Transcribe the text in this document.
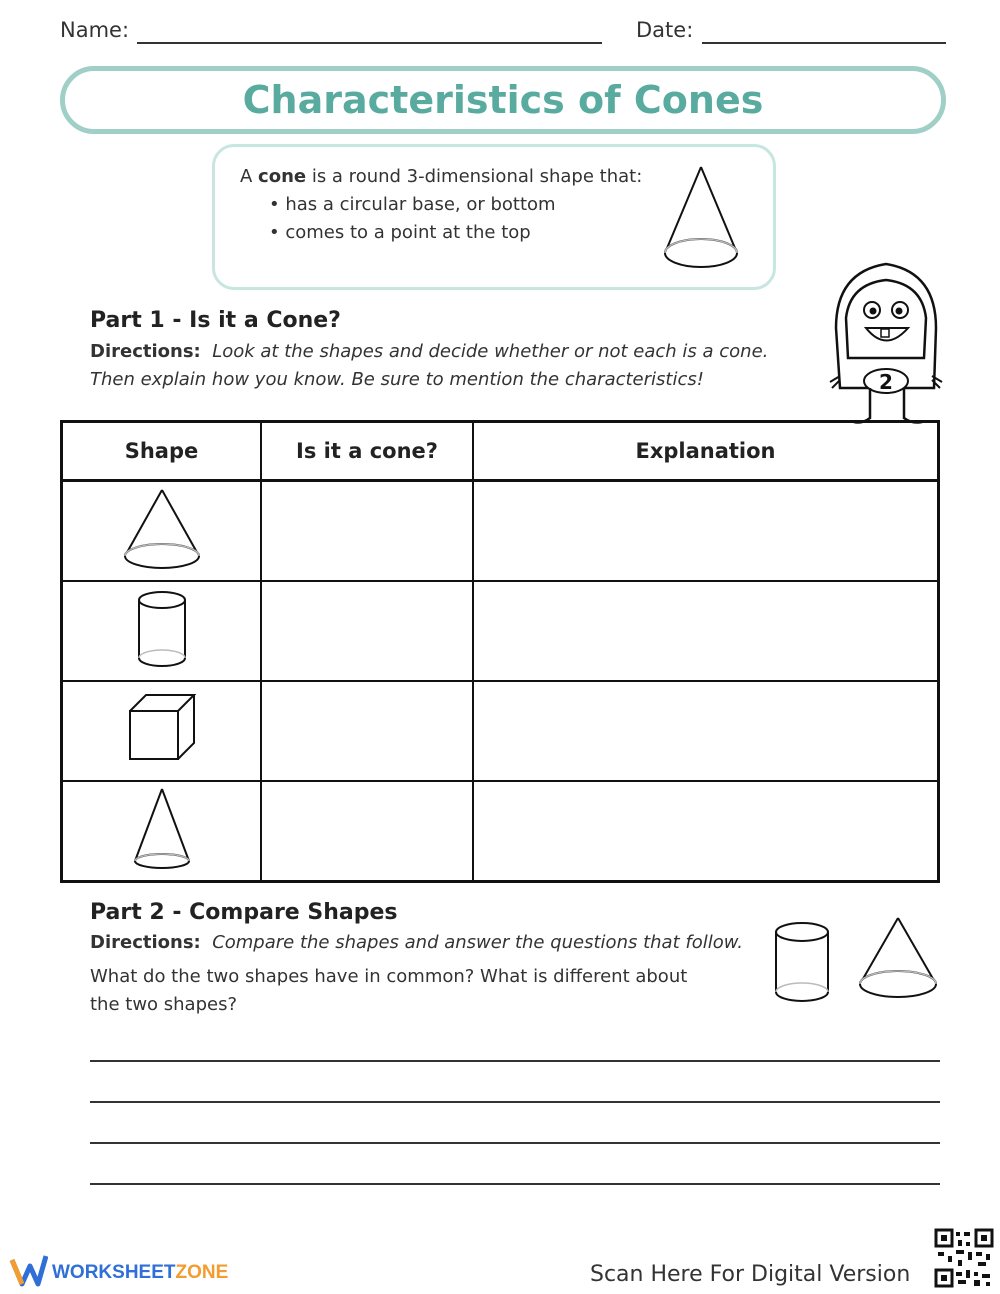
Name:	Date:
Characteristics of Cones
A cone is a round 3-dimensional shape that:
• has a circular base, or bottom
• comes to a point at the top
Part 1 - Is it a Cone?
Directions: Look at the shapes and decide whether or not each is a cone.
Then explain how you know. Be sure to mention the characteristics!	2
Shape	Is it a cone?	Explanation

Part 2 - Compare Shapes
Directions: Compare the shapes and answer the questions that follow.
What do the two shapes have in common? What is different about
the two shapes?
WORKSHEETZONE	Scan Here For Digital Version
